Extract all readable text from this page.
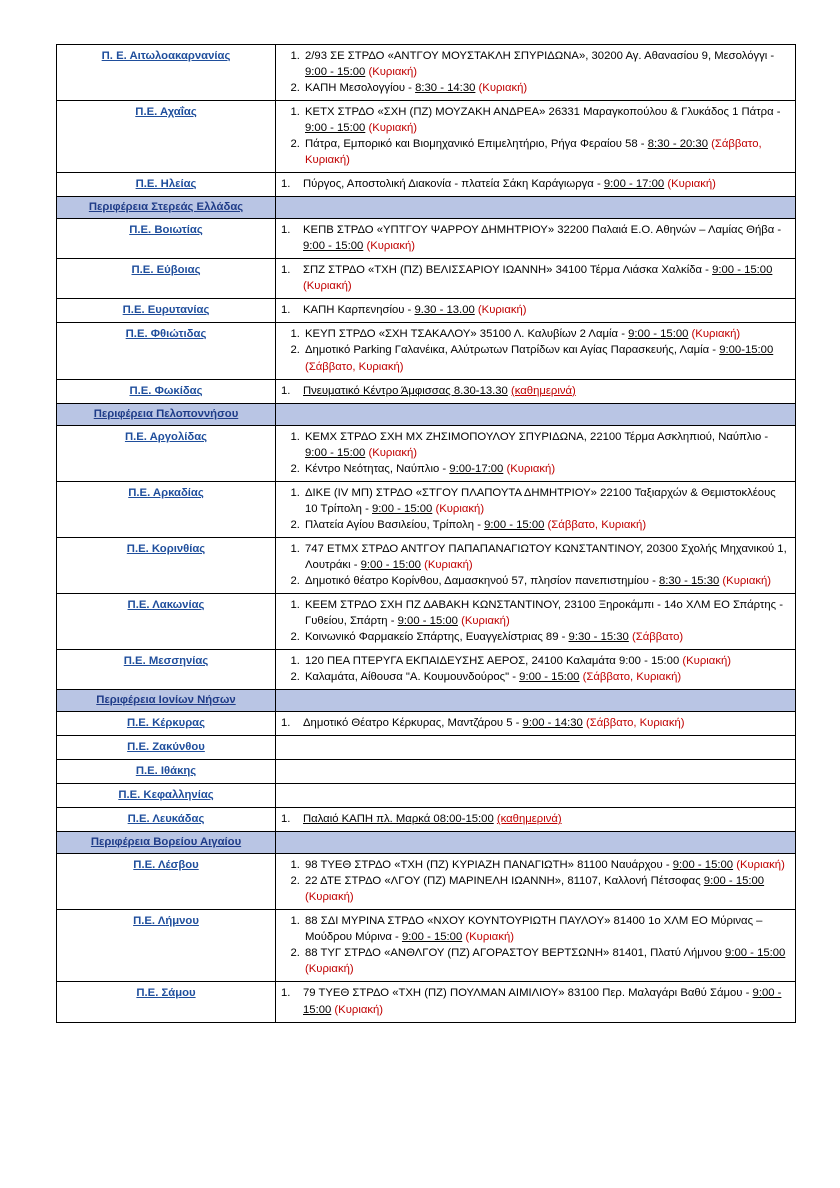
Π. Ε. Αιτωλοακαρνανίας	
1.2/93 ΣΕ ΣΤΡΔΟ «ΑΝΤΓΟΥ ΜΟΥΣΤΑΚΛΗ ΣΠΥΡΙΔΩΝΑ», 30200 Αγ. Αθανασίου 9, Μεσολόγγι - 9:00 - 15:00 (Κυριακή)
2. ΚΑΠΗ Μεσολογγίου - 8:30 - 14:30 (Κυριακή)

Π.Ε. Αχαΐας	
1.ΚΕΤΧ ΣΤΡΔΟ «ΣΧΗ (ΠΖ) ΜΟΥΖΑΚΗ ΑΝΔΡΕΑ» 26331 Μαραγκοπούλου & Γλυκάδος 1 Πάτρα - 9:00 - 15:00 (Κυριακή)
2. Πάτρα, Εμπορικό και Βιομηχανικό Επιμελητήριο, Ρήγα Φεραίου 58 - 8:30 - 20:30 (Σάββατο, Κυριακή)

Π.Ε. Ηλείας	1. Πύργος, Αποστολική Διακονία - πλατεία Σάκη Καράγιωργα - 9:00 - 17:00 (Κυριακή)

Περιφέρεια Στερεάς Ελλάδας	
Π.Ε. Βοιωτίας	1. ΚΕΠΒ ΣΤΡΔΟ «ΥΠΤΓΟΥ ΨΑΡΡΟΥ ΔΗΜΗΤΡΙΟΥ» 32200 Παλαιά Ε.Ο. Αθηνών – Λαμίας Θήβα - 9:00 - 15:00 (Κυριακή)

Π.Ε. Εύβοιας	1. ΣΠΖ ΣΤΡΔΟ «ΤΧΗ (ΠΖ) ΒΕΛΙΣΣΑΡΙΟΥ ΙΩΑΝΝΗ» 34100 Τέρμα Λιάσκα Χαλκίδα - 9:00 - 15:00 (Κυριακή)

Π.Ε. Ευρυτανίας	1. ΚΑΠΗ Καρπενησίου - 9.30 - 13.00 (Κυριακή)

Π.Ε. Φθιώτιδας	
1.ΚΕΥΠ ΣΤΡΔΟ «ΣΧΗ ΤΣΑΚΑΛΟΥ» 35100 Λ. Καλυβίων 2 Λαμία - 9:00 - 15:00 (Κυριακή)
2. Δημοτικό Parking Γαλανέικα, Αλύτρωτων Πατρίδων και Αγίας Παρασκευής, Λαμία - 9:00-15:00 (Σάββατο, Κυριακή)

Π.Ε. Φωκίδας	1. Πνευματικό Κέντρο Άμφισσας 8.30-13.30 (καθημερινά)

Περιφέρεια Πελοποννήσου	
Π.Ε. Αργολίδας	
1.ΚΕΜΧ ΣΤΡΔΟ ΣΧΗ ΜΧ ΖΗΣΙΜΟΠΟΥΛΟΥ ΣΠΥΡΙΔΩΝΑ, 22100 Τέρμα Ασκληπιού, Ναύπλιο - 9:00 - 15:00 (Κυριακή)
2. Κέντρο Νεότητας, Ναύπλιο - 9:00-17:00 (Κυριακή)

Π.Ε. Αρκαδίας	
1.ΔΙΚΕ (IV ΜΠ) ΣΤΡΔΟ «ΣΤΓΟΥ ΠΛΑΠΟΥΤΑ ΔΗΜΗΤΡΙΟΥ» 22100 Ταξιαρχών & Θεμιστοκλέους 10 Τρίπολη - 9:00 - 15:00 (Κυριακή)
2. Πλατεία Αγίου Βασιλείου, Τρίπολη - 9:00 - 15:00 (Σάββατο, Κυριακή)

Π.Ε. Κορινθίας	
1.747 ΕΤΜΧ ΣΤΡΔΟ ΑΝΤΓΟΥ ΠΑΠΑΠΑΝΑΓΙΩΤΟΥ ΚΩΝΣΤΑΝΤΙΝΟΥ, 20300 Σχολής Μηχανικού 1, Λουτράκι - 9:00 - 15:00 (Κυριακή)
2. Δημοτικό θέατρο Κορίνθου, Δαμασκηνού 57, πλησίον πανεπιστημίου - 8:30 - 15:30 (Κυριακή)

Π.Ε. Λακωνίας	
1.ΚΕΕΜ ΣΤΡΔΟ ΣΧΗ ΠΖ ΔΑΒΑΚΗ ΚΩΝΣΤΑΝΤΙΝΟΥ, 23100 Ξηροκάμπι - 14ο ΧΛΜ ΕΟ Σπάρτης - Γυθείου, Σπάρτη - 9:00 - 15:00 (Κυριακή)
2. Κοινωνικό Φαρμακείο Σπάρτης, Ευαγγελίστριας 89 - 9:30 - 15:30 (Σάββατο)

Π.Ε. Μεσσηνίας	
1.120 ΠΕΑ ΠΤΕΡΥΓΑ ΕΚΠΑΙΔΕΥΣΗΣ ΑΕΡΟΣ, 24100 Καλαμάτα 9:00 - 15:00 (Κυριακή)
2. Καλαμάτα, Αίθουσα "Α. Κουμουνδούρος" - 9:00 - 15:00 (Σάββατο, Κυριακή)

Περιφέρεια Ιονίων Νήσων	
Π.Ε. Κέρκυρας	1. Δημοτικό Θέατρο Κέρκυρας, Μαντζάρου 5 - 9:00 - 14:30 (Σάββατο, Κυριακή)

Π.Ε. Ζακύνθου	
Π.Ε. Ιθάκης	
Π.Ε. Κεφαλληνίας	
Π.Ε. Λευκάδας	1. Παλαιό ΚΑΠΗ πλ. Μαρκά 08:00-15:00 (καθημερινά)

Περιφέρεια Βορείου Αιγαίου	
Π.Ε. Λέσβου	
1.98 ΤΥΕΘ ΣΤΡΔΟ «ΤΧΗ (ΠΖ) ΚΥΡΙΑΖΗ ΠΑΝΑΓΙΩΤΗ» 81100 Ναυάρχου - 9:00 - 15:00 (Κυριακή)
2. 22 ΔΤΕ ΣΤΡΔΟ «ΛΓΟΥ (ΠΖ) ΜΑΡΙΝΕΛΗ ΙΩΑΝΝΗ», 81107, Καλλονή Πέτσοφας 9:00 - 15:00 (Κυριακή)

Π.Ε. Λήμνου	
1.88 ΣΔΙ ΜΥΡΙΝΑ ΣΤΡΔΟ «ΝΧΟΥ ΚΟΥΝΤΟΥΡΙΩΤΗ ΠΑΥΛΟΥ» 81400 1ο ΧΛΜ ΕΟ Μύρινας – Μούδρου Μύρινα - 9:00 - 15:00 (Κυριακή)
2. 88 ΤΥΓ ΣΤΡΔΟ «ΑΝΘΛΓΟΥ (ΠΖ) ΑΓΟΡΑΣΤΟΥ ΒΕΡΤΣΩΝΗ» 81401, Πλατύ Λήμνου 9:00 - 15:00 (Κυριακή)

Π.Ε. Σάμου	1. 79 ΤΥΕΘ ΣΤΡΔΟ «ΤΧΗ (ΠΖ) ΠΟΥΛΜΑΝ ΑΙΜΙΛΙΟΥ» 83100 Περ. Μαλαγάρι Βαθύ Σάμου - 9:00 - 15:00 (Κυριακή)
